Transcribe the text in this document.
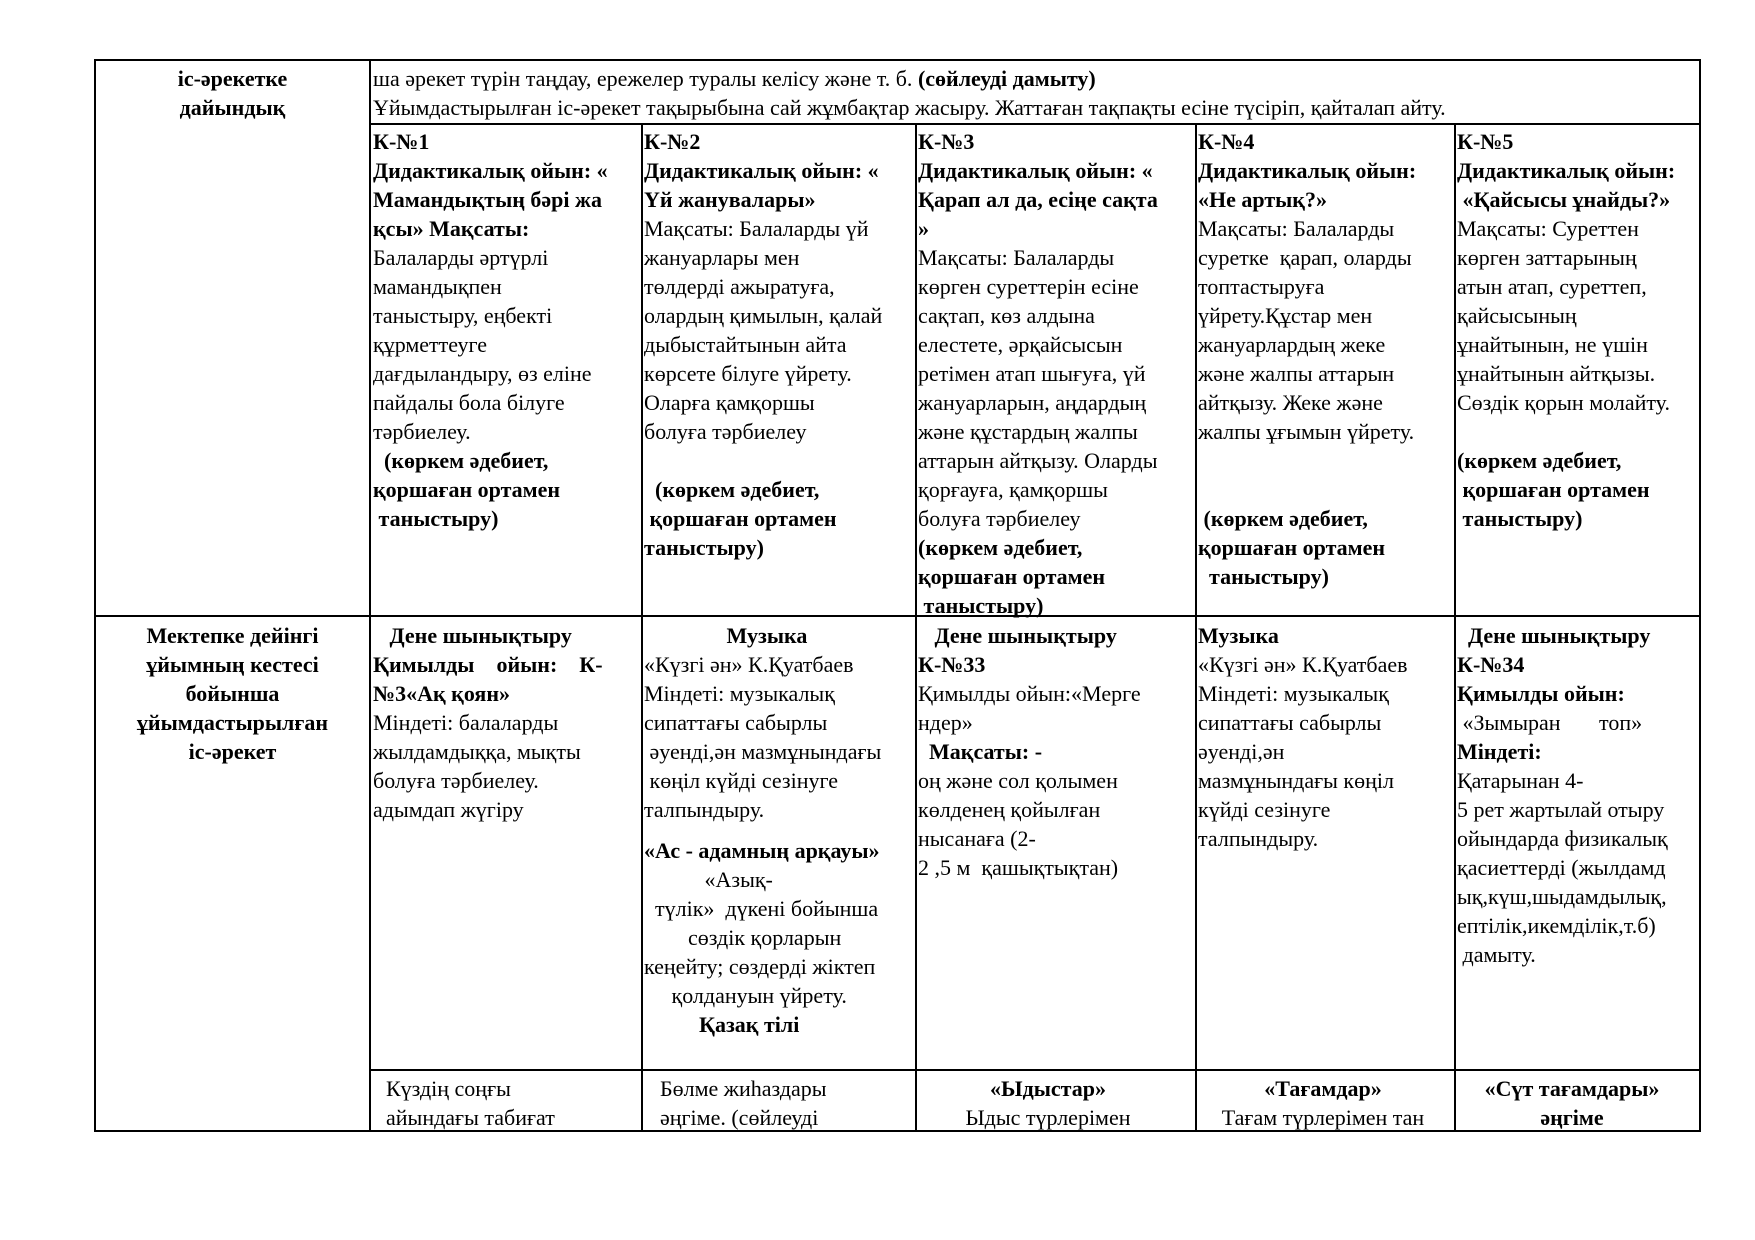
іс-әрекетке
дайындық
Мектепке дейінгі
ұйымның кестесі
бойынша
ұйымдастырылған
іс-әрекет
ша әрекет түрін таңдау, ережелер туралы келісу және т. б. (сөйлеуді дамыту)
Ұйымдастырылған іс-әрекет тақырыбына сай жұмбақтар жасыру. Жаттаған тақпақты есіне түсіріп, қайталап айту.
К-№1
Дидактикалық ойын: «
Мамандықтың бәрі жа
қсы» Мақсаты:
Балаларды әртүрлі
мамандықпен
таныстыру, еңбекті
құрметтеуге
дағдыландыру, өз еліне
пайдалы бола білуге
тәрбиелеу.
(көркем әдебиет,
қоршаған ортамен
таныстыру)
К-№2
Дидактикалық ойын: «
Үй жанувалары»
Мақсаты: Балаларды үй
жануарлары мен
төлдерді ажыратуға,
олардың қимылын, қалай
дыбыстайтынын айта
көрсете білуге үйрету.
Оларға қамқоршы
болуға тәрбиелеу
(көркем әдебиет,
қоршаған ортамен
таныстыру)
К-№3
Дидактикалық ойын: «
Қарап ал да, есіңе сақта
»
Мақсаты: Балаларды
көрген суреттерін есіне
сақтап, көз алдына
елестете, әрқайсысын
ретімен атап шығуға, үй
жануарларын, аңдардың
және құстардың жалпы
аттарын айтқызу. Оларды
қорғауға, қамқоршы
болуға тәрбиелеу
(көркем әдебиет,
қоршаған ортамен
таныстыру)
К-№4
Дидактикалық ойын:
«Не артық?»
Мақсаты: Балаларды
суретке  қарап, оларды
топтастыруға
үйрету.Құстар мен
жануарлардың жеке
және жалпы аттарын
айтқызу. Жеке және
жалпы ұғымын үйрету.
(көркем әдебиет,
қоршаған ортамен
таныстыру)
К-№5
Дидактикалық ойын:
«Қайсысы ұнайды?»
Мақсаты: Суреттен
көрген заттарының
атын атап, суреттеп,
қайсысының
ұнайтынын, не үшін
ұнайтынын айтқызы.
Сөздік қорын молайту.
(көркем әдебиет,
қоршаған ортамен
таныстыру)
Дене шынықтыру
Қимылды    ойын:    К-
№3«Ақ қоян»
Міндеті: балаларды
жылдамдыққа, мықты
болуға тәрбиелеу.
адымдап жүгіру
Музыка
«Күзгі ән» К.Қуатбаев
Міндеті: музыкалық
сипаттағы сабырлы
әуенді,ән мазмұнындағы
көңіл күйді сезінуге
талпындыру.
«Ас - адамның арқауы»
«Азық-
түлік»  дүкені бойынша
сөздік қорларын
кеңейту; сөздерді жіктеп
қолдануын үйрету.
Қазақ тілі
Дене шынықтыру
К-№33
Қимылды ойын:«Мерге
ндер»
Мақсаты: -
оң және сол қолымен
көлденең қойылған
нысанаға (2-
2 ,5 м  қашықтықтан)
Музыка
«Күзгі ән» К.Қуатбаев
Міндеті: музыкалық
сипаттағы сабырлы
әуенді,ән
мазмұнындағы көңіл
күйді сезінуге
талпындыру.
Дене шынықтыру
К-№34
Қимылды ойын:
«Зымыран       топ»
Міндеті:
Қатарынан 4-
5 рет жартылай отыру
ойындарда физикалық
қасиеттерді (жылдамд
ық,күш,шыдамдылық,
ептілік,икемділік,т.б)
дамыту.
Күздің соңғы
айындағы табиғат
Бөлме жиһаздары
әңгіме. (сөйлеуді
«Ыдыстар»
Ыдыс түрлерімен
«Тағамдар»
Тағам түрлерімен тан
«Сүт тағамдары»
әңгіме
